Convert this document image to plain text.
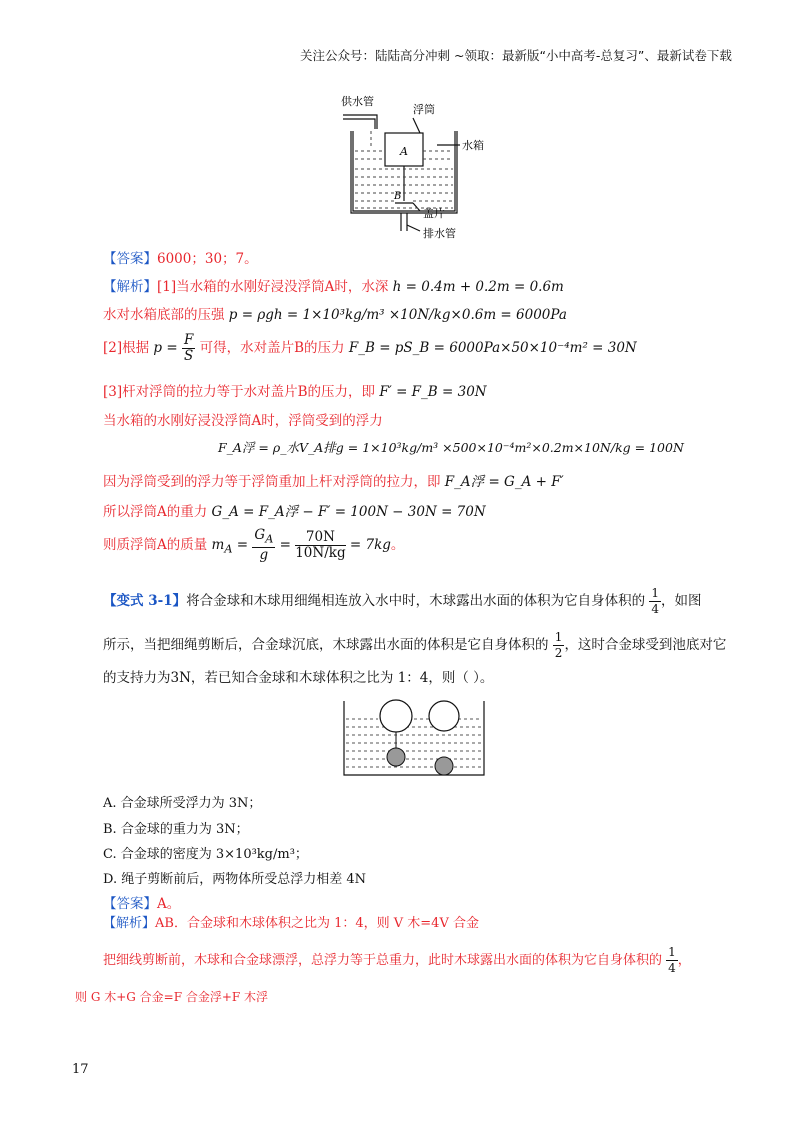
关注公众号：陆陆高分冲刺 ~领取：最新版“小中高考-总复习”、最新试卷下载
供水管
浮筒
A	水箱
B
盖片
排水管
【答案】6000；30；7。
【解析】[1]当水箱的水刚好浸没浮筒A时，水深 h = 0.4m + 0.2m = 0.6m
水对水箱底部的压强 p = ρgh = 1×10³kg/m³ ×10N/kg×0.6m = 6000Pa
[2]根据 $p = \frac{F}{S}$ 可得，水对盖片B的压力 F_B = pS_B = 6000Pa×50×10⁻⁴m² = 30N
[3]杆对浮筒的拉力等于水对盖片B的压力，即 F′ = F_B = 30N
当水箱的水刚好浸没浮筒A时，浮筒受到的浮力
F_A浮 = ρ_水V_A排g = 1×10³kg/m³ ×500×10⁻⁴m²×0.2m×10N/kg = 100N
因为浮筒受到的浮力等于浮筒重加上杆对浮筒的拉力，即 F_A浮 = G_A + F′
所以浮筒A的重力 G_A = F_A浮 − F′ = 100N − 30N = 70N
则质浮筒A的质量 $m_A = \frac{G_A}{g} = \frac{70N}{10N/kg} = 7kg$。
【变式 3-1】将合金球和木球用细绳相连放入水中时，木球露出水面的体积为它自身体积的 $\frac{1}{4}$ ，如图
所示，当把细绳剪断后，合金球沉底，木球露出水面的体积是它自身体积的 $\frac{1}{2}$ ，这时合金球受到池底对它
的支持力为3N，若已知合金球和木球体积之比为 1：4，则（ ）。
A. 合金球所受浮力为 3N；
B. 合金球的重力为 3N；
C. 合金球的密度为 3×10³kg/m³；
D. 绳子剪断前后，两物体所受总浮力相差 4N
【答案】A。
【解析】AB．合金球和木球体积之比为 1：4，则 V 木=4V 合金
把细线剪断前，木球和合金球漂浮，总浮力等于总重力，此时木球露出水面的体积为它自身体积的 $\frac{1}{4}$ ，
则 G 木+G 合金=F 合金浮+F 木浮
17
